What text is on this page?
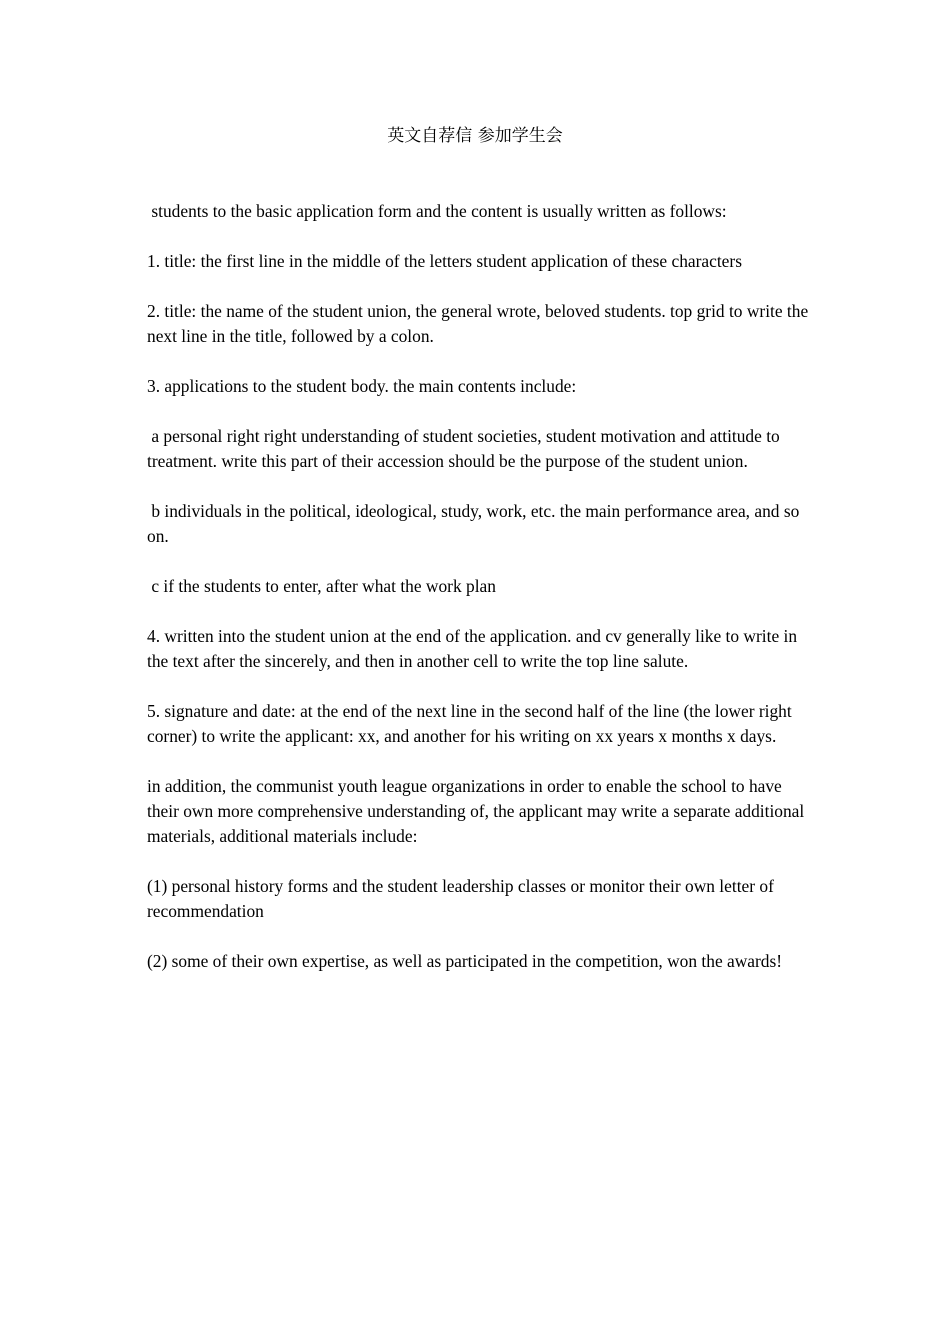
英文自荐信 参加学生会

students to the basic application form and the content is usually written as follows:

1. title: the first line in the middle of the letters student application of these characters

2. title: the name of the student union, the general wrote, beloved students. top grid to write the next line in the title, followed by a colon.

3. applications to the student body. the main contents include:

a personal right right understanding of student societies, student motivation and attitude to treatment. write this part of their accession should be the purpose of the student union.

b individuals in the political, ideological, study, work, etc. the main performance area, and so on.

c if the students to enter, after what the work plan

4. written into the student union at the end of the application. and cv generally like to write in the text after the sincerely, and then in another cell to write the top line salute.

5. signature and date: at the end of the next line in the second half of the line (the lower right corner) to write the applicant: xx, and another for his writing on xx years x months x days.

in addition, the communist youth league organizations in order to enable the school to have their own more comprehensive understanding of, the applicant may write a separate additional materials, additional materials include:

(1) personal history forms and the student leadership classes or monitor their own letter of recommendation

(2) some of their own expertise, as well as participated in the competition, won the awards!
